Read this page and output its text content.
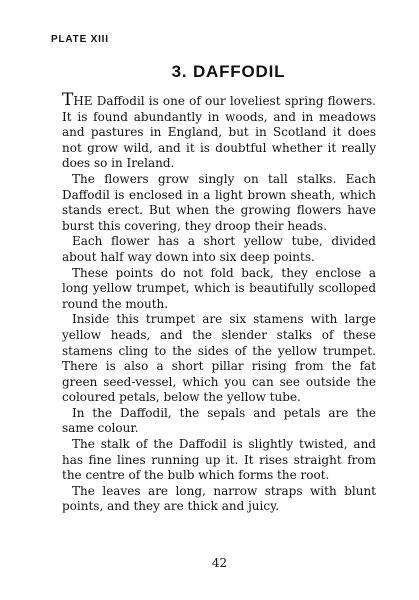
PLATE XIII
3. DAFFODIL

THE Daffodil is one of our loveliest spring flowers. It is found abundantly in woods, and in meadows and pastures in England, but in Scotland it does not grow wild, and it is doubtful whether it really does so in Ireland.

The flowers grow singly on tall stalks. Each Daffodil is enclosed in a light brown sheath, which stands erect. But when the growing flowers have burst this covering, they droop their heads.

Each flower has a short yellow tube, divided about half way down into six deep points.

These points do not fold back, they enclose a long yellow trumpet, which is beautifully scolloped round the mouth.

Inside this trumpet are six stamens with large yellow heads, and the slender stalks of these stamens cling to the sides of the yellow trumpet. There is also a short pillar rising from the fat green seed-vessel, which you can see outside the coloured petals, below the yellow tube.

In the Daffodil, the sepals and petals are the same colour.

The stalk of the Daffodil is slightly twisted, and has fine lines running up it. It rises straight from the centre of the bulb which forms the root.

The leaves are long, narrow straps with blunt points, and they are thick and juicy.

42
